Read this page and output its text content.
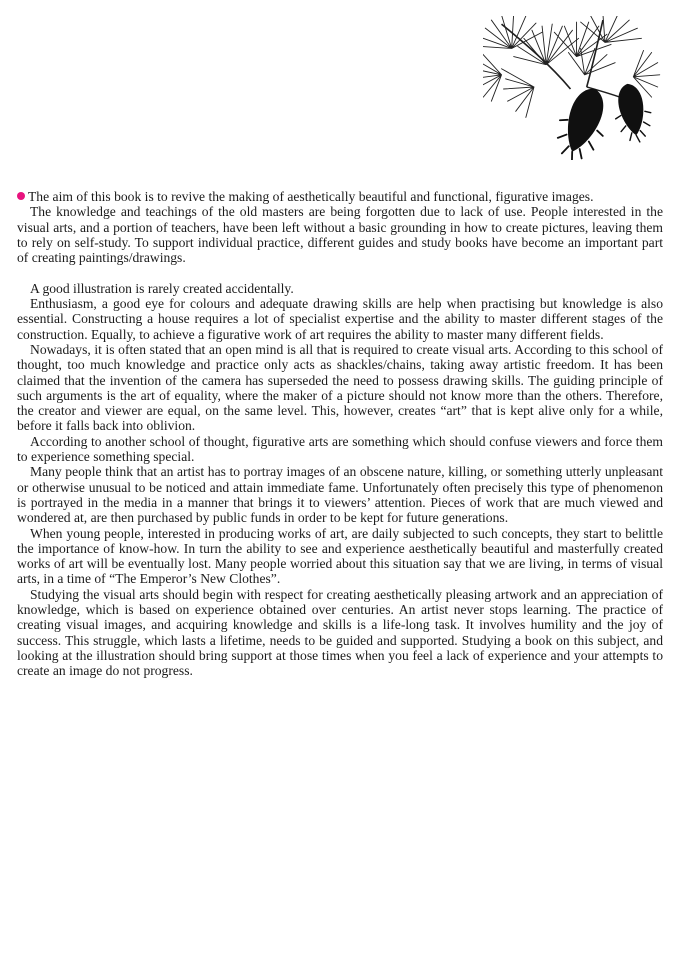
The aim of this book is to revive the making of aesthetically beautiful and functional, figurative images.

The knowledge and teachings of the old masters are being forgotten due to lack of use. People interested in the visual arts, and a portion of teachers, have been left without a basic grounding in how to create pictures, leaving them to rely on self-study. To support individual practice, different guides and study books have become an important part of creating paintings/drawings.

A good illustration is rarely created accidentally.

Enthusiasm, a good eye for colours and adequate drawing skills are help when practising but knowledge is also essential. Constructing a house requires a lot of specialist expertise and the ability to master different stages of the construction. Equally, to achieve a figurative work of art requires the ability to master many different fields.

Nowadays, it is often stated that an open mind is all that is required to create visual arts. According to this school of thought, too much knowledge and practice only acts as shackles/chains, taking away artistic freedom. It has been claimed that the invention of the camera has superseded the need to possess drawing skills. The guiding principle of such arguments is the art of equality, where the maker of a picture should not know more than the others. Therefore, the creator and viewer are equal, on the same level. This, however, creates “art” that is kept alive only for a while, before it falls back into oblivion.

According to another school of thought, figurative arts are something which should confuse viewers and force them to experience something special.

Many people think that an artist has to portray images of an obscene nature, killing, or something utterly unpleasant or otherwise unusual to be noticed and attain immediate fame. Unfortunately often precisely this type of phenomenon is portrayed in the media in a manner that brings it to viewers’ attention. Pieces of work that are much viewed and wondered at, are then purchased by public funds in order to be kept for future generations.

When young people, interested in producing works of art, are daily subjected to such concepts, they start to belittle the importance of know-how. In turn the ability to see and experience aesthetically beautiful and masterfully created works of art will be eventually lost. Many people worried about this situation say that we are living, in terms of visual arts, in a time of “The Emperor’s New Clothes”.

Studying the visual arts should begin with respect for creating aesthetically pleasing artwork and an appreciation of knowledge, which is based on experience obtained over centuries. An artist never stops learning. The practice of creating visual images, and acquiring knowledge and skills is a life-long task. It involves humility and the joy of success. This struggle, which lasts a lifetime, needs to be guided and supported. Studying a book on this subject, and looking at the illustration should bring support at those times when you feel a lack of experience and your attempts to create an image do not progress.
